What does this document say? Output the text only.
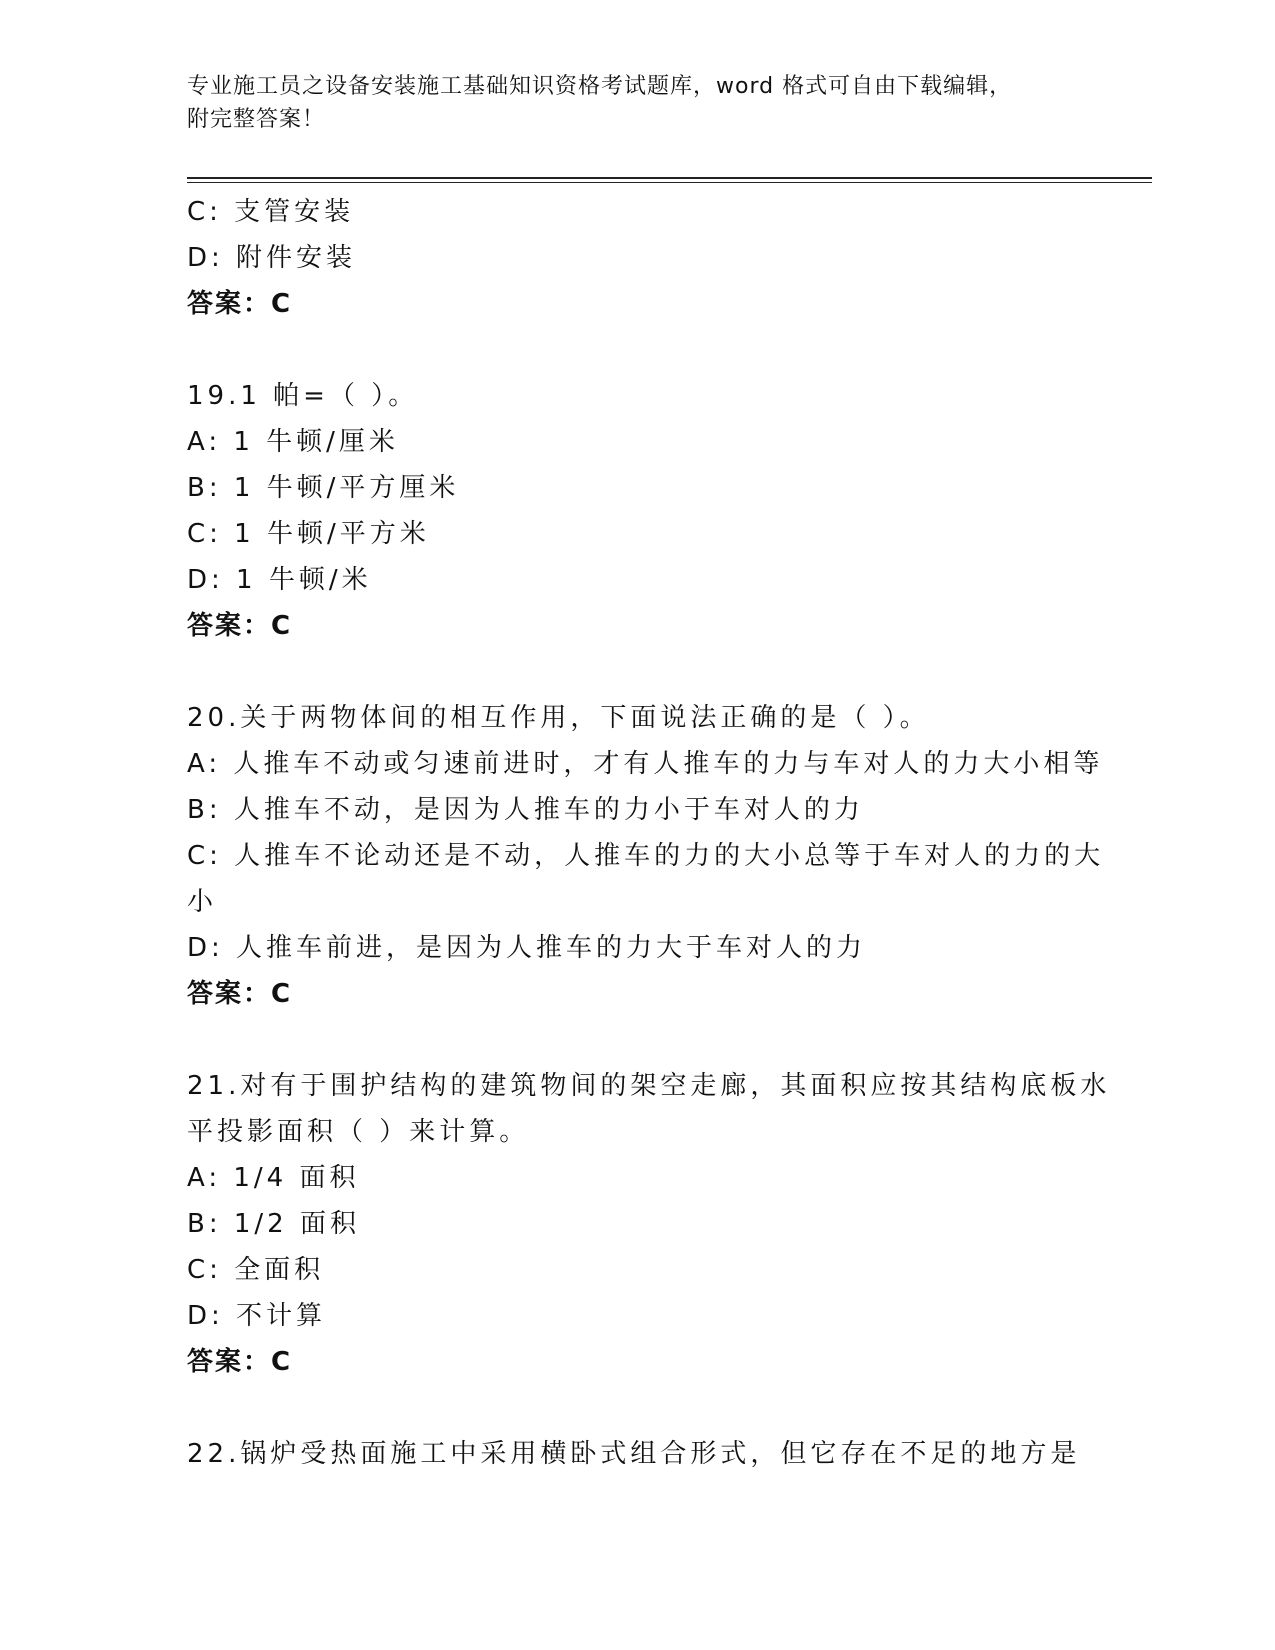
专业施工员之设备安装施工基础知识资格考试题库，word 格式可自由下载编辑，
附完整答案！
C: 支管安装
D: 附件安装
答案：C
19.1 帕=（ ）。
A: 1 牛顿/厘米
B: 1 牛顿/平方厘米
C: 1 牛顿/平方米
D: 1 牛顿/米
答案：C
20.关于两物体间的相互作用，下面说法正确的是（ ）。
A: 人推车不动或匀速前进时，才有人推车的力与车对人的力大小相等
B: 人推车不动，是因为人推车的力小于车对人的力
C: 人推车不论动还是不动，人推车的力的大小总等于车对人的力的大
小
D: 人推车前进，是因为人推车的力大于车对人的力
答案：C
21.对有于围护结构的建筑物间的架空走廊，其面积应按其结构底板水
平投影面积（ ）来计算。
A: 1/4 面积
B: 1/2 面积
C: 全面积
D: 不计算
答案：C
22.锅炉受热面施工中采用横卧式组合形式，但它存在不足的地方是
